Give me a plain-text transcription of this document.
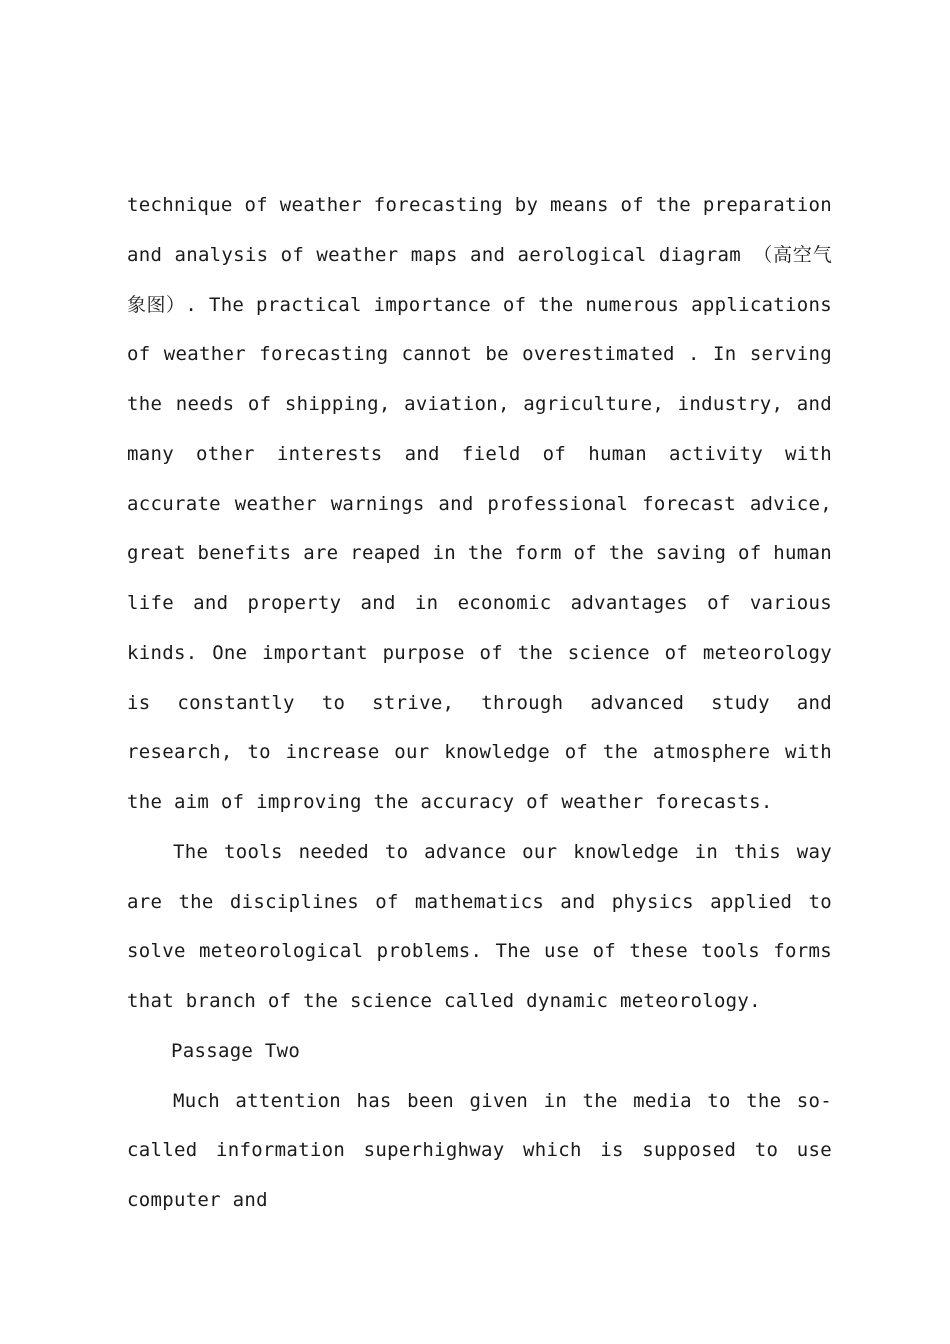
technique of weather forecasting by means of the preparation and analysis of weather maps and aerological diagram （高空气象图）. The practical importance of the numerous applications of weather forecasting cannot be overestimated . In serving the needs of shipping, aviation, agriculture, industry, and many other interests and field of human activity with accurate weather warnings and professional forecast advice, great benefits are reaped in the form of the saving of human life and property and in economic advantages of various kinds. One important purpose of the science of meteorology is constantly to strive, through advanced study and research, to increase our knowledge of the atmosphere with the aim of improving the accuracy of weather forecasts.

The tools needed to advance our knowledge in this way are the disciplines of mathematics and physics applied to solve meteorological problems. The use of these tools forms that branch of the science called dynamic meteorology.

Passage Two

Much attention has been given in the media to the so-called information superhighway which is supposed to use computer and
